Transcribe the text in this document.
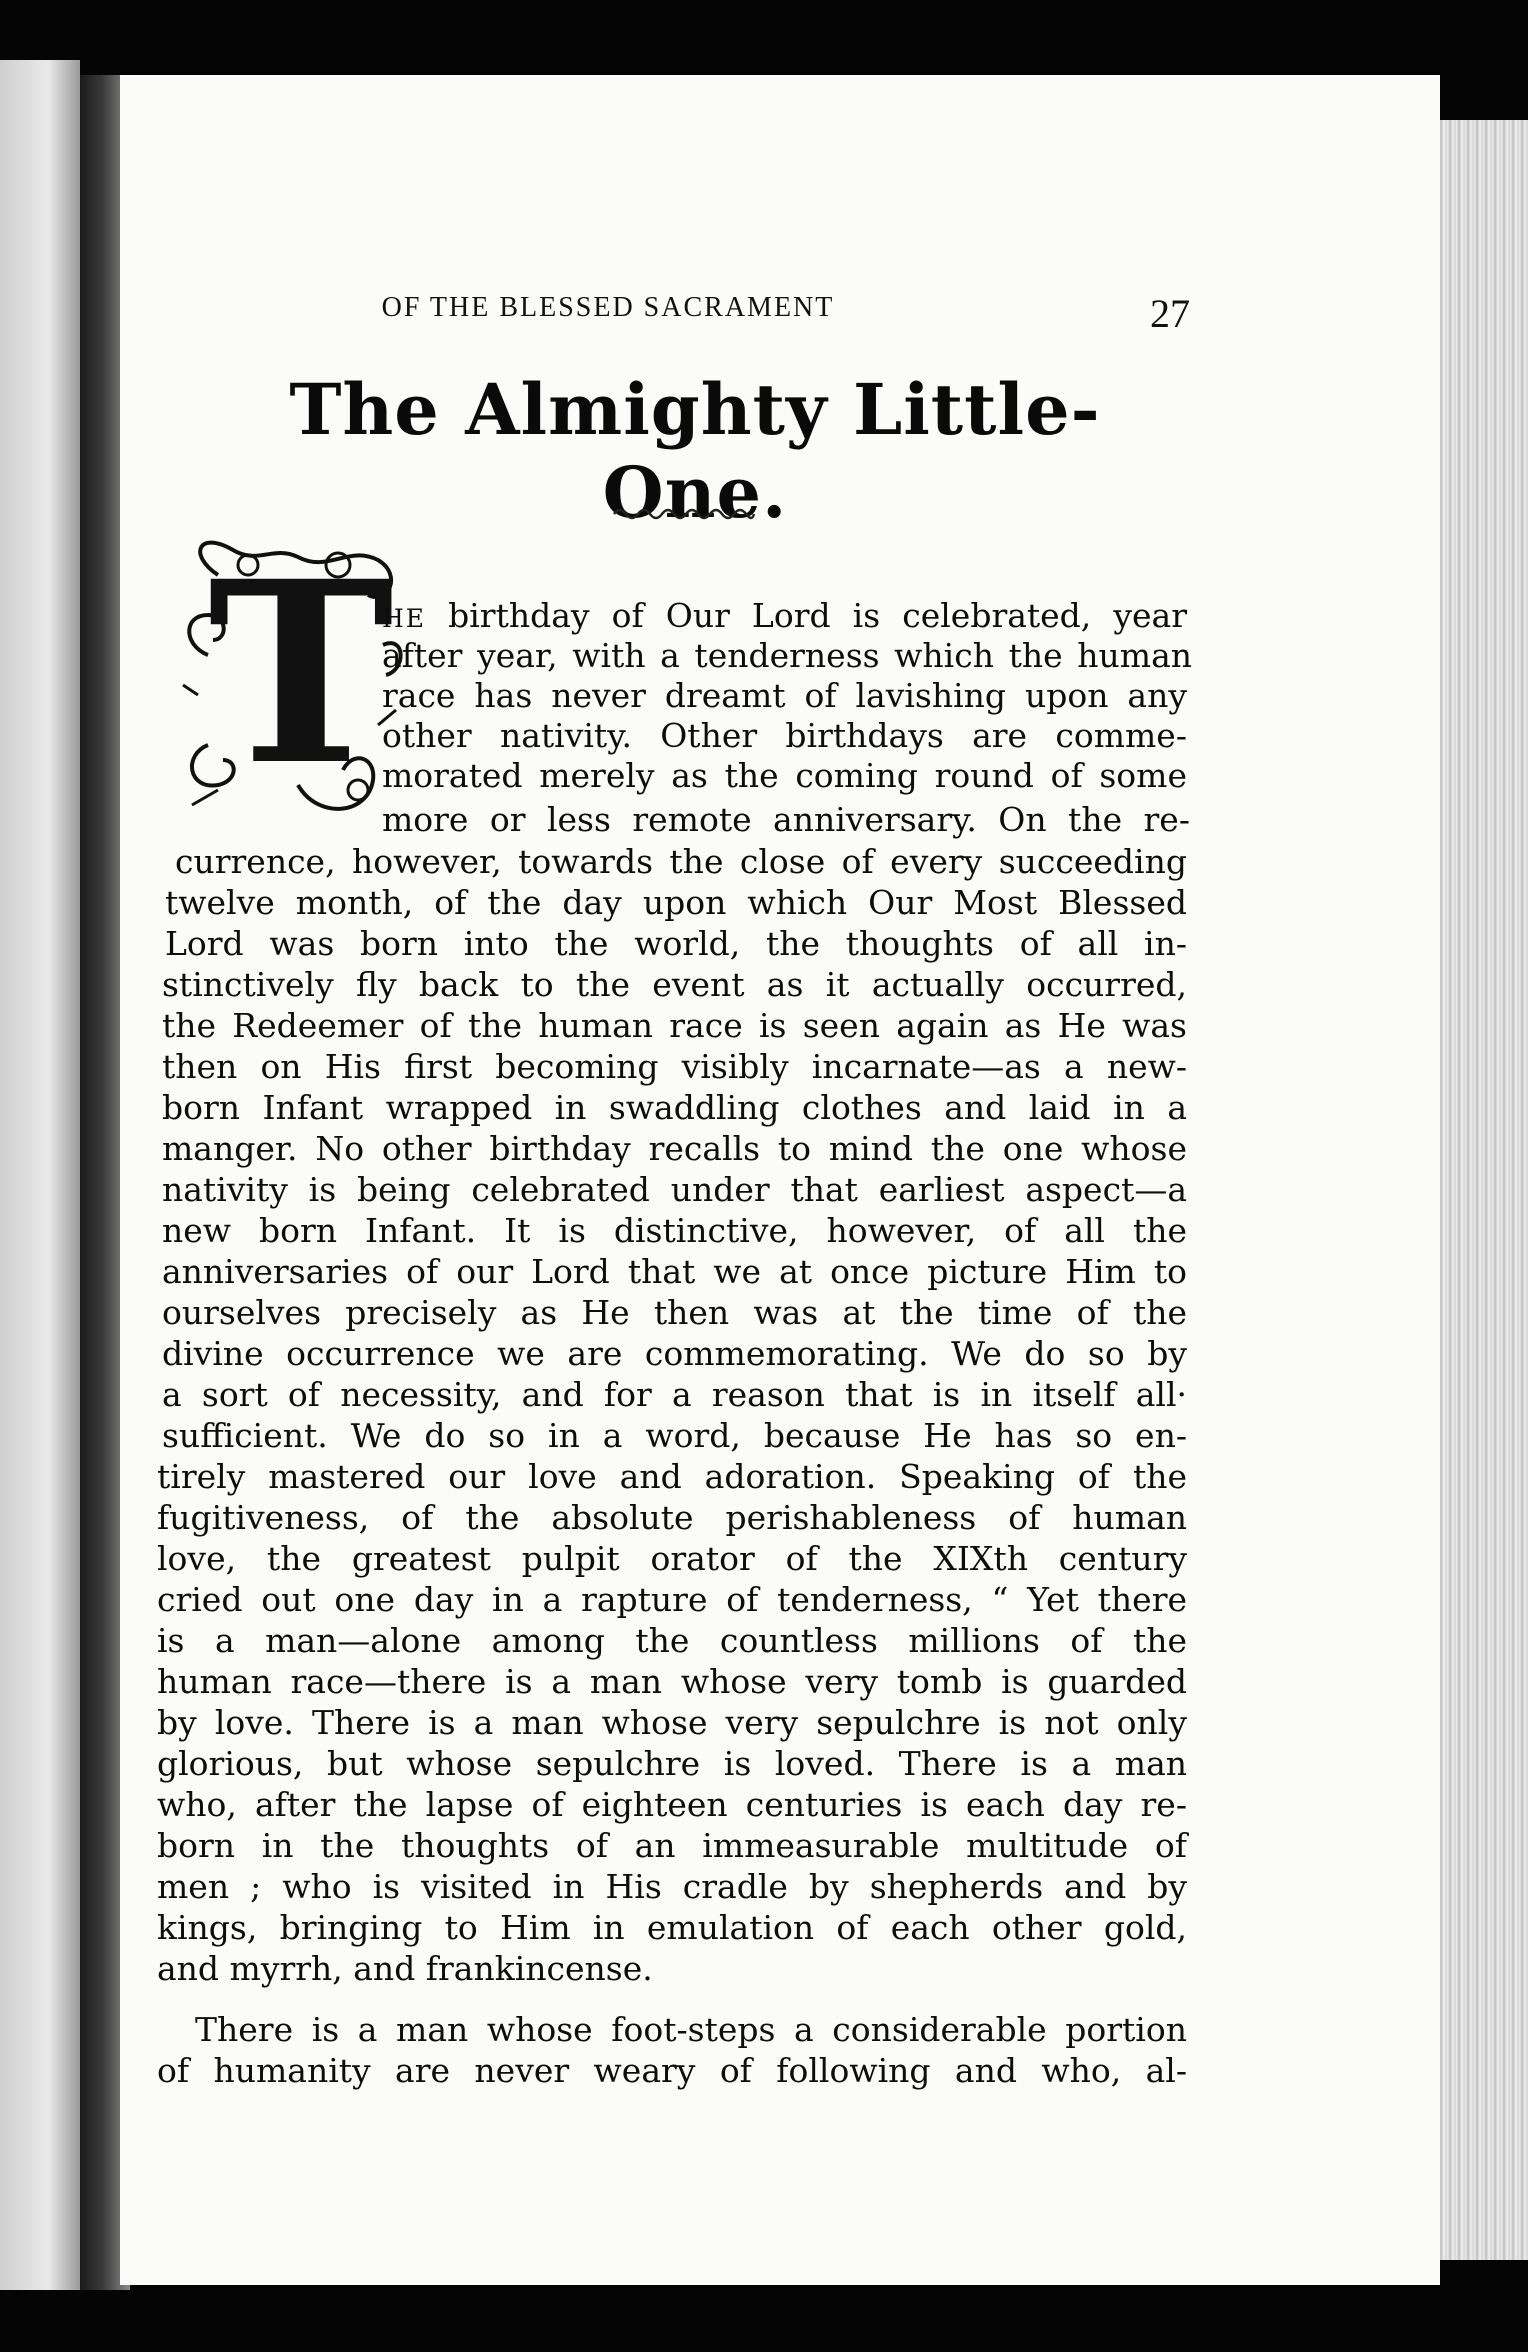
OF THE BLESSED SACRAMENT	27
The Almighty Little-One.
T
HE birthday of Our Lord is celebrated, year
after year, with a tenderness which the human
race has never dreamt of lavishing upon any
other nativity. Other birthdays are comme-
morated merely as the coming round of some
more or less remote anniversary. On the re-
currence, however, towards the close of every succeeding
twelve month, of the day upon which Our Most Blessed
Lord was born into the world, the thoughts of all in-
stinctively fly back to the event as it actually occurred,
the Redeemer of the human race is seen again as He was
then on His first becoming visibly incarnate—as a new-
born Infant wrapped in swaddling clothes and laid in a
manger. No other birthday recalls to mind the one whose
nativity is being celebrated under that earliest aspect—a
new born Infant. It is distinctive, however, of all the
anniversaries of our Lord that we at once picture Him to
ourselves precisely as He then was at the time of the
divine occurrence we are commemorating. We do so by
a sort of necessity, and for a reason that is in itself all·
sufficient. We do so in a word, because He has so en-
tirely mastered our love and adoration. Speaking of the
fugitiveness, of the absolute perishableness of human
love, the greatest pulpit orator of the XIXth century
cried out one day in a rapture of tenderness, “ Yet there
is a man—alone among the countless millions of the
human race—there is a man whose very tomb is guarded
by love. There is a man whose very sepulchre is not only
glorious, but whose sepulchre is loved. There is a man
who, after the lapse of eighteen centuries is each day re-
born in the thoughts of an immeasurable multitude of
men ; who is visited in His cradle by shepherds and by
kings, bringing to Him in emulation of each other gold,
and myrrh, and frankincense.
There is a man whose foot-steps a considerable portion
of humanity are never weary of following and who, al-
